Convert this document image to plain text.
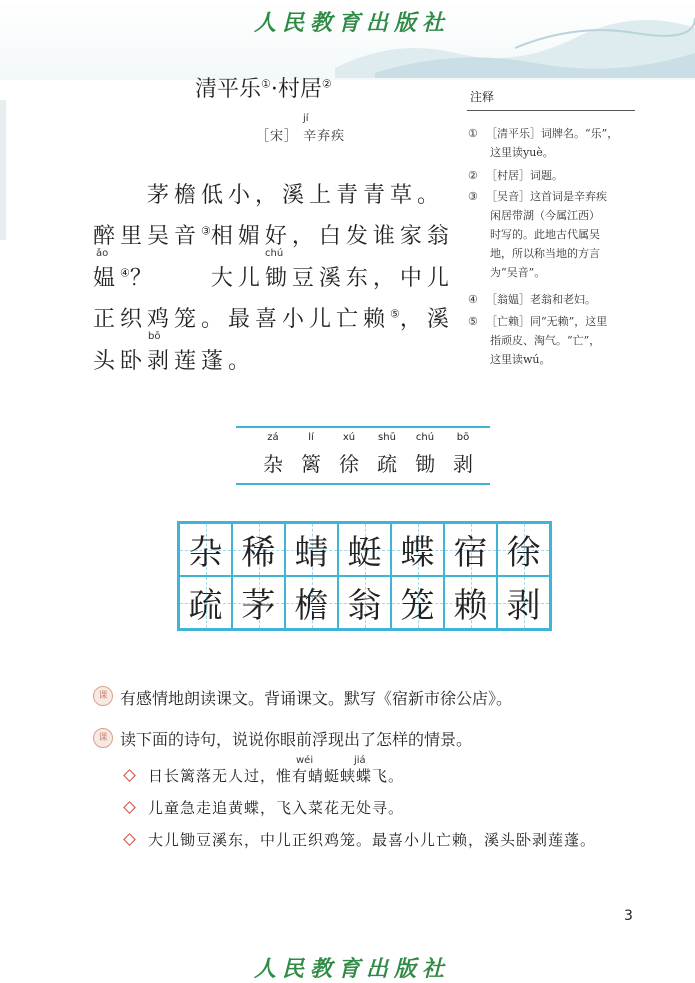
人民教育出版社
清平乐①·村居②
jí
［宋］ 辛弃疾
茅檐低小，溪上青青草。
醉里吴音③相媚好，白发谁家翁
ǎo	chú
媪④？　　大儿锄豆溪东，中儿
正织鸡笼。最喜小儿亡赖⑤，溪
bō
头卧剥莲蓬。
注释
① ［清平乐］词牌名。“乐”，
这里读yuè。
② ［村居］词题。
③ ［吴音］这首词是辛弃疾
闲居带湖（今属江西）
时写的。此地古代属吴
地，所以称当地的方言
为“吴音”。
④ ［翁媪］老翁和老妇。
⑤ ［亡赖］同“无赖”，这里
指顽皮、淘气。“亡”，
这里读wú。
zá	lí	xú	shū	chú	bō
杂 篱 徐 疏 锄 剥
杂 稀 蜻 蜓 蝶 宿 徐
疏 茅 檐 翁 笼 赖 剥
课 有感情地朗读课文。背诵课文。默写《宿新市徐公店》。
课 读下面的诗句，说说你眼前浮现出了怎样的情景。
wéi	jiá
日长篱落无人过，惟有蜻蜓蛱蝶飞。
儿童急走追黄蝶，飞入菜花无处寻。
大儿锄豆溪东，中儿正织鸡笼。最喜小儿亡赖，溪头卧剥莲蓬。
3
人民教育出版社
